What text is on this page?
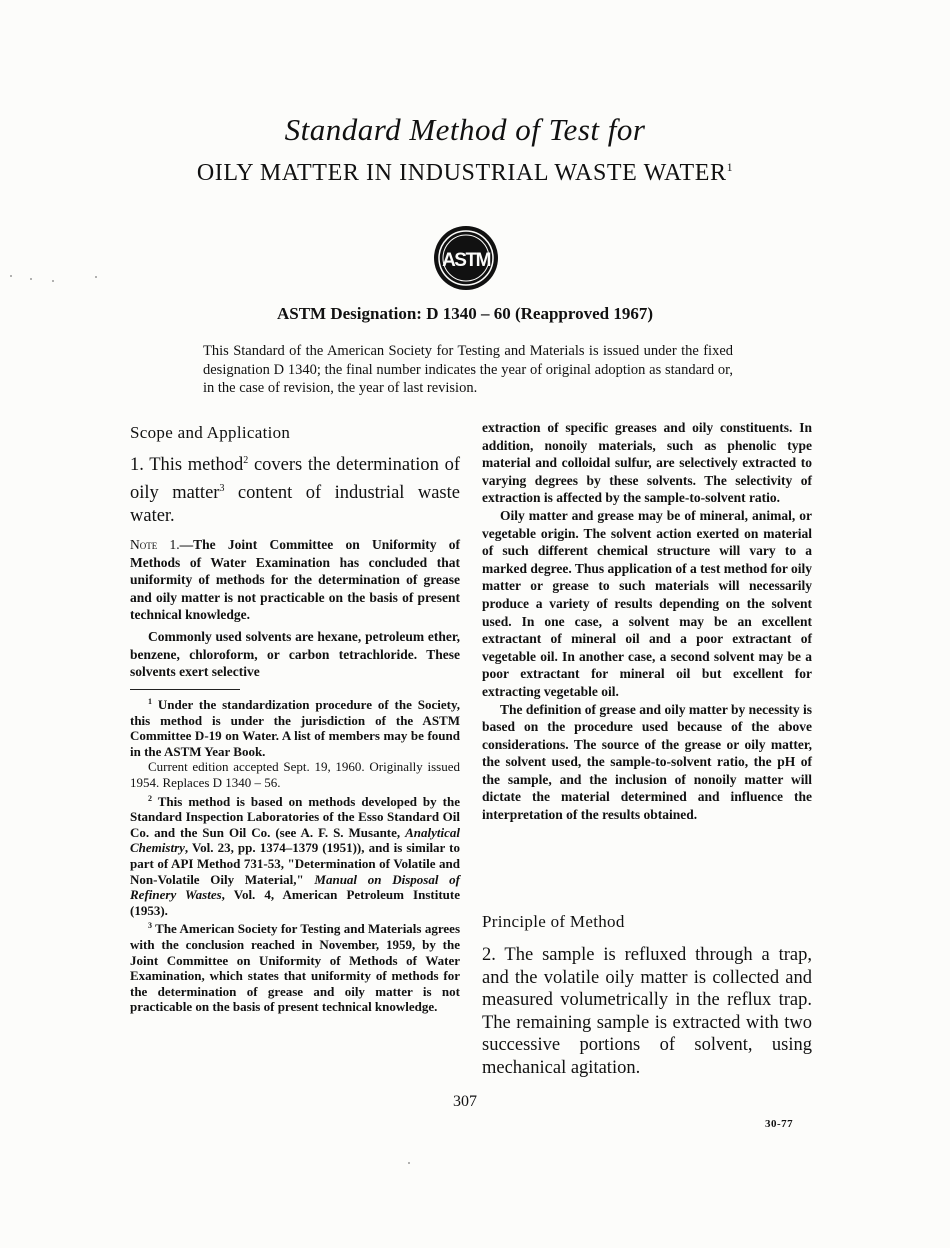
Standard Method of Test for
OILY MATTER IN INDUSTRIAL WASTE WATER$^1$
ASTM
ASTM Designation: D 1340 – 60 (Reapproved 1967)
This Standard of the American Society for Testing and Materials is issued under the fixed designation D 1340; the final number indicates the year of original adoption as standard or, in the case of revision, the year of last revision.
Scope and Application

1. This method$^2$ covers the determination of oily matter$^3$ content of industrial waste water.

Note 1.—The Joint Committee on Uniformity of Methods of Water Examination has concluded that uniformity of methods for the determination of grease and oily matter is not practicable on the basis of present technical knowledge.

Commonly used solvents are hexane, petroleum ether, benzene, chloroform, or carbon tetrachloride. These solvents exert selective

$^1$ Under the standardization procedure of the Society, this method is under the jurisdiction of the ASTM Committee D-19 on Water. A list of members may be found in the ASTM Year Book.

Current edition accepted Sept. 19, 1960. Originally issued 1954. Replaces D 1340 – 56.

$^2$ This method is based on methods developed by the Standard Inspection Laboratories of the Esso Standard Oil Co. and the Sun Oil Co. (see A. F. S. Musante, Analytical Chemistry, Vol. 23, pp. 1374–1379 (1951)), and is similar to part of API Method 731-53, "Determination of Volatile and Non-Volatile Oily Material," Manual on Disposal of Refinery Wastes, Vol. 4, American Petroleum Institute (1953).

$^3$ The American Society for Testing and Materials agrees with the conclusion reached in November, 1959, by the Joint Committee on Uniformity of Methods of Water Examination, which states that uniformity of methods for the determination of grease and oily matter is not practicable on the basis of present technical knowledge.

extraction of specific greases and oily constituents. In addition, nonoily materials, such as phenolic type material and colloidal sulfur, are selectively extracted to varying degrees by these solvents. The selectivity of extraction is affected by the sample-to-solvent ratio.

Oily matter and grease may be of mineral, animal, or vegetable origin. The solvent action exerted on material of such different chemical structure will vary to a marked degree. Thus application of a test method for oily matter or grease to such materials will necessarily produce a variety of results depending on the solvent used. In one case, a solvent may be an excellent extractant of mineral oil and a poor extractant of vegetable oil. In another case, a second solvent may be a poor extractant for mineral oil but excellent for extracting vegetable oil.

The definition of grease and oily matter by necessity is based on the procedure used because of the above considerations. The source of the grease or oily matter, the solvent used, the sample-to-solvent ratio, the pH of the sample, and the inclusion of nonoily matter will dictate the material determined and influence the interpretation of the results obtained.

Principle of Method

2. The sample is refluxed through a trap, and the volatile oily matter is collected and measured volumetrically in the reflux trap. The remaining sample is extracted with two successive portions of solvent, using mechanical agitation.

307
30-77
